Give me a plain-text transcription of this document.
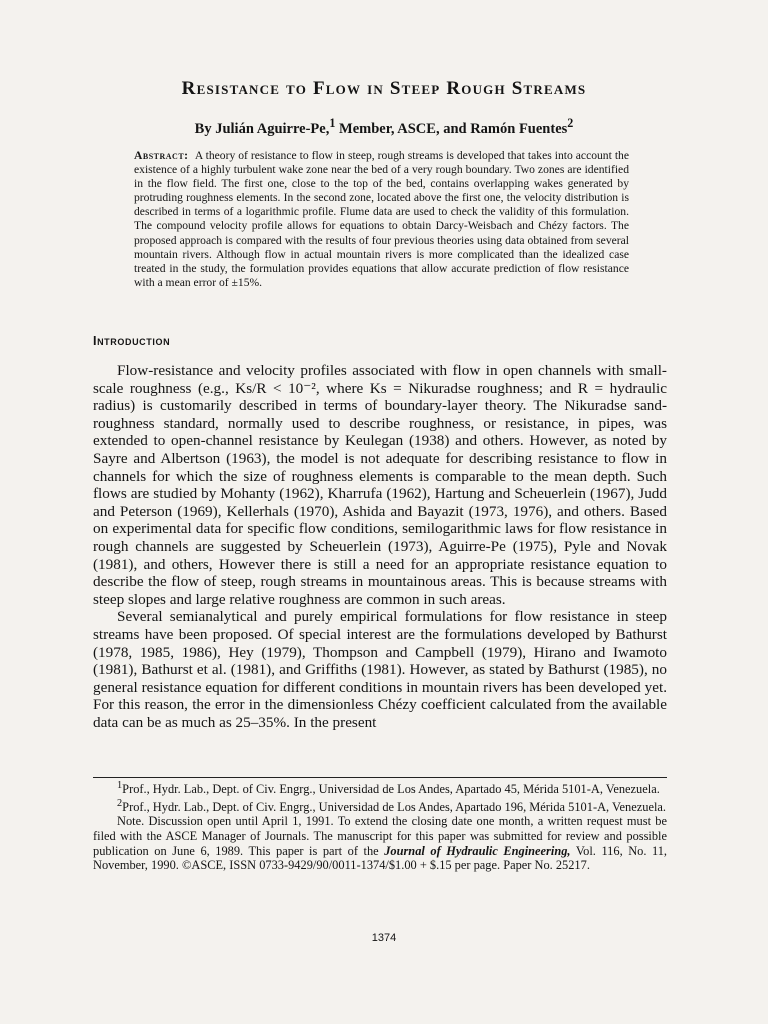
Resistance to Flow in Steep Rough Streams

By Julián Aguirre-Pe,$^1$ Member, ASCE, and Ramón Fuentes$^2$

Abstract: A theory of resistance to flow in steep, rough streams is developed that takes into account the existence of a highly turbulent wake zone near the bed of a very rough boundary. Two zones are identified in the flow field. The first one, close to the top of the bed, contains overlapping wakes generated by protruding roughness elements. In the second zone, located above the first one, the velocity distribution is described in terms of a logarithmic profile. Flume data are used to check the validity of this formulation. The compound velocity profile allows for equations to obtain Darcy-Weisbach and Chézy factors. The proposed approach is compared with the results of four previous theories using data obtained from several mountain rivers. Although flow in actual mountain rivers is more complicated than the idealized case treated in the study, the formulation provides equations that allow accurate prediction of flow resistance with a mean error of ±15%.

Introduction

Flow-resistance and velocity profiles associated with flow in open channels with small-scale roughness (e.g., Ks/R < 10⁻², where Ks = Nikuradse roughness; and R = hydraulic radius) is customarily described in terms of boundary-layer theory. The Nikuradse sand-roughness standard, normally used to describe roughness, or resistance, in pipes, was extended to open-channel resistance by Keulegan (1938) and others. However, as noted by Sayre and Albertson (1963), the model is not adequate for describing resistance to flow in channels for which the size of roughness elements is comparable to the mean depth. Such flows are studied by Mohanty (1962), Kharrufa (1962), Hartung and Scheuerlein (1967), Judd and Peterson (1969), Kellerhals (1970), Ashida and Bayazit (1973, 1976), and others. Based on experimental data for specific flow conditions, semilogarithmic laws for flow resistance in rough channels are suggested by Scheuerlein (1973), Aguirre-Pe (1975), Pyle and Novak (1981), and others, However there is still a need for an appropriate resistance equation to describe the flow of steep, rough streams in mountainous areas. This is because streams with steep slopes and large relative roughness are common in such areas.

Several semianalytical and purely empirical formulations for flow resistance in steep streams have been proposed. Of special interest are the formulations developed by Bathurst (1978, 1985, 1986), Hey (1979), Thompson and Campbell (1979), Hirano and Iwamoto (1981), Bathurst et al. (1981), and Griffiths (1981). However, as stated by Bathurst (1985), no general resistance equation for different conditions in mountain rivers has been developed yet. For this reason, the error in the dimensionless Chézy coefficient calculated from the available data can be as much as 25–35%. In the present

$^1$Prof., Hydr. Lab., Dept. of Civ. Engrg., Universidad de Los Andes, Apartado 45, Mérida 5101-A, Venezuela.

$^2$Prof., Hydr. Lab., Dept. of Civ. Engrg., Universidad de Los Andes, Apartado 196, Mérida 5101-A, Venezuela.

Note. Discussion open until April 1, 1991. To extend the closing date one month, a written request must be filed with the ASCE Manager of Journals. The manuscript for this paper was submitted for review and possible publication on June 6, 1989. This paper is part of the Journal of Hydraulic Engineering, Vol. 116, No. 11, November, 1990. ©ASCE, ISSN 0733-9429/90/0011-1374/$1.00 + $.15 per page. Paper No. 25217.

1374
